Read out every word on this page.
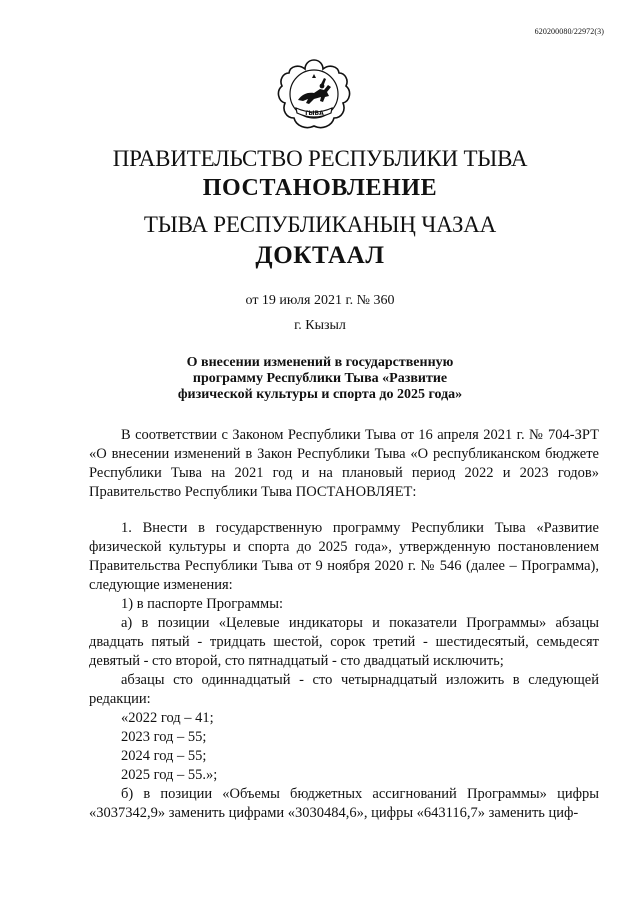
620200080/22972(3)
ТЫВА
ПРАВИТЕЛЬСТВО РЕСПУБЛИКИ ТЫВА
ПОСТАНОВЛЕНИЕ
ТЫВА РЕСПУБЛИКАНЫҢ ЧАЗАА
ДОКТААЛ
от 19 июля 2021 г. № 360
г. Кызыл
О внесении изменений в государственную
программу Республики Тыва «Развитие
физической культуры и спорта до 2025 года»

В соответствии с Законом Республики Тыва от 16 апреля 2021 г. № 704-ЗРТ «О внесении изменений в Закон Республики Тыва «О республиканском бюджете Республики Тыва на 2021 год и на плановый период 2022 и 2023 годов» Правительство Республики Тыва ПОСТАНОВЛЯЕТ:

1. Внести в государственную программу Республики Тыва «Развитие физической культуры и спорта до 2025 года», утвержденную постановлением Правительства Республики Тыва от 9 ноября 2020 г. № 546 (далее – Программа), следующие изменения:

1) в паспорте Программы:

а) в позиции «Целевые индикаторы и показатели Программы» абзацы двадцать пятый - тридцать шестой, сорок третий - шестидесятый, семьдесят девятый - сто второй, сто пятнадцатый - сто двадцатый исключить;

абзацы сто одиннадцатый - сто четырнадцатый изложить в следующей редакции:

«2022 год – 41;

2023 год – 55;

2024 год – 55;

2025 год – 55.»;

б) в позиции «Объемы бюджетных ассигнований Программы» цифры «3037342,9» заменить цифрами «3030484,6», цифры «643116,7» заменить циф-
